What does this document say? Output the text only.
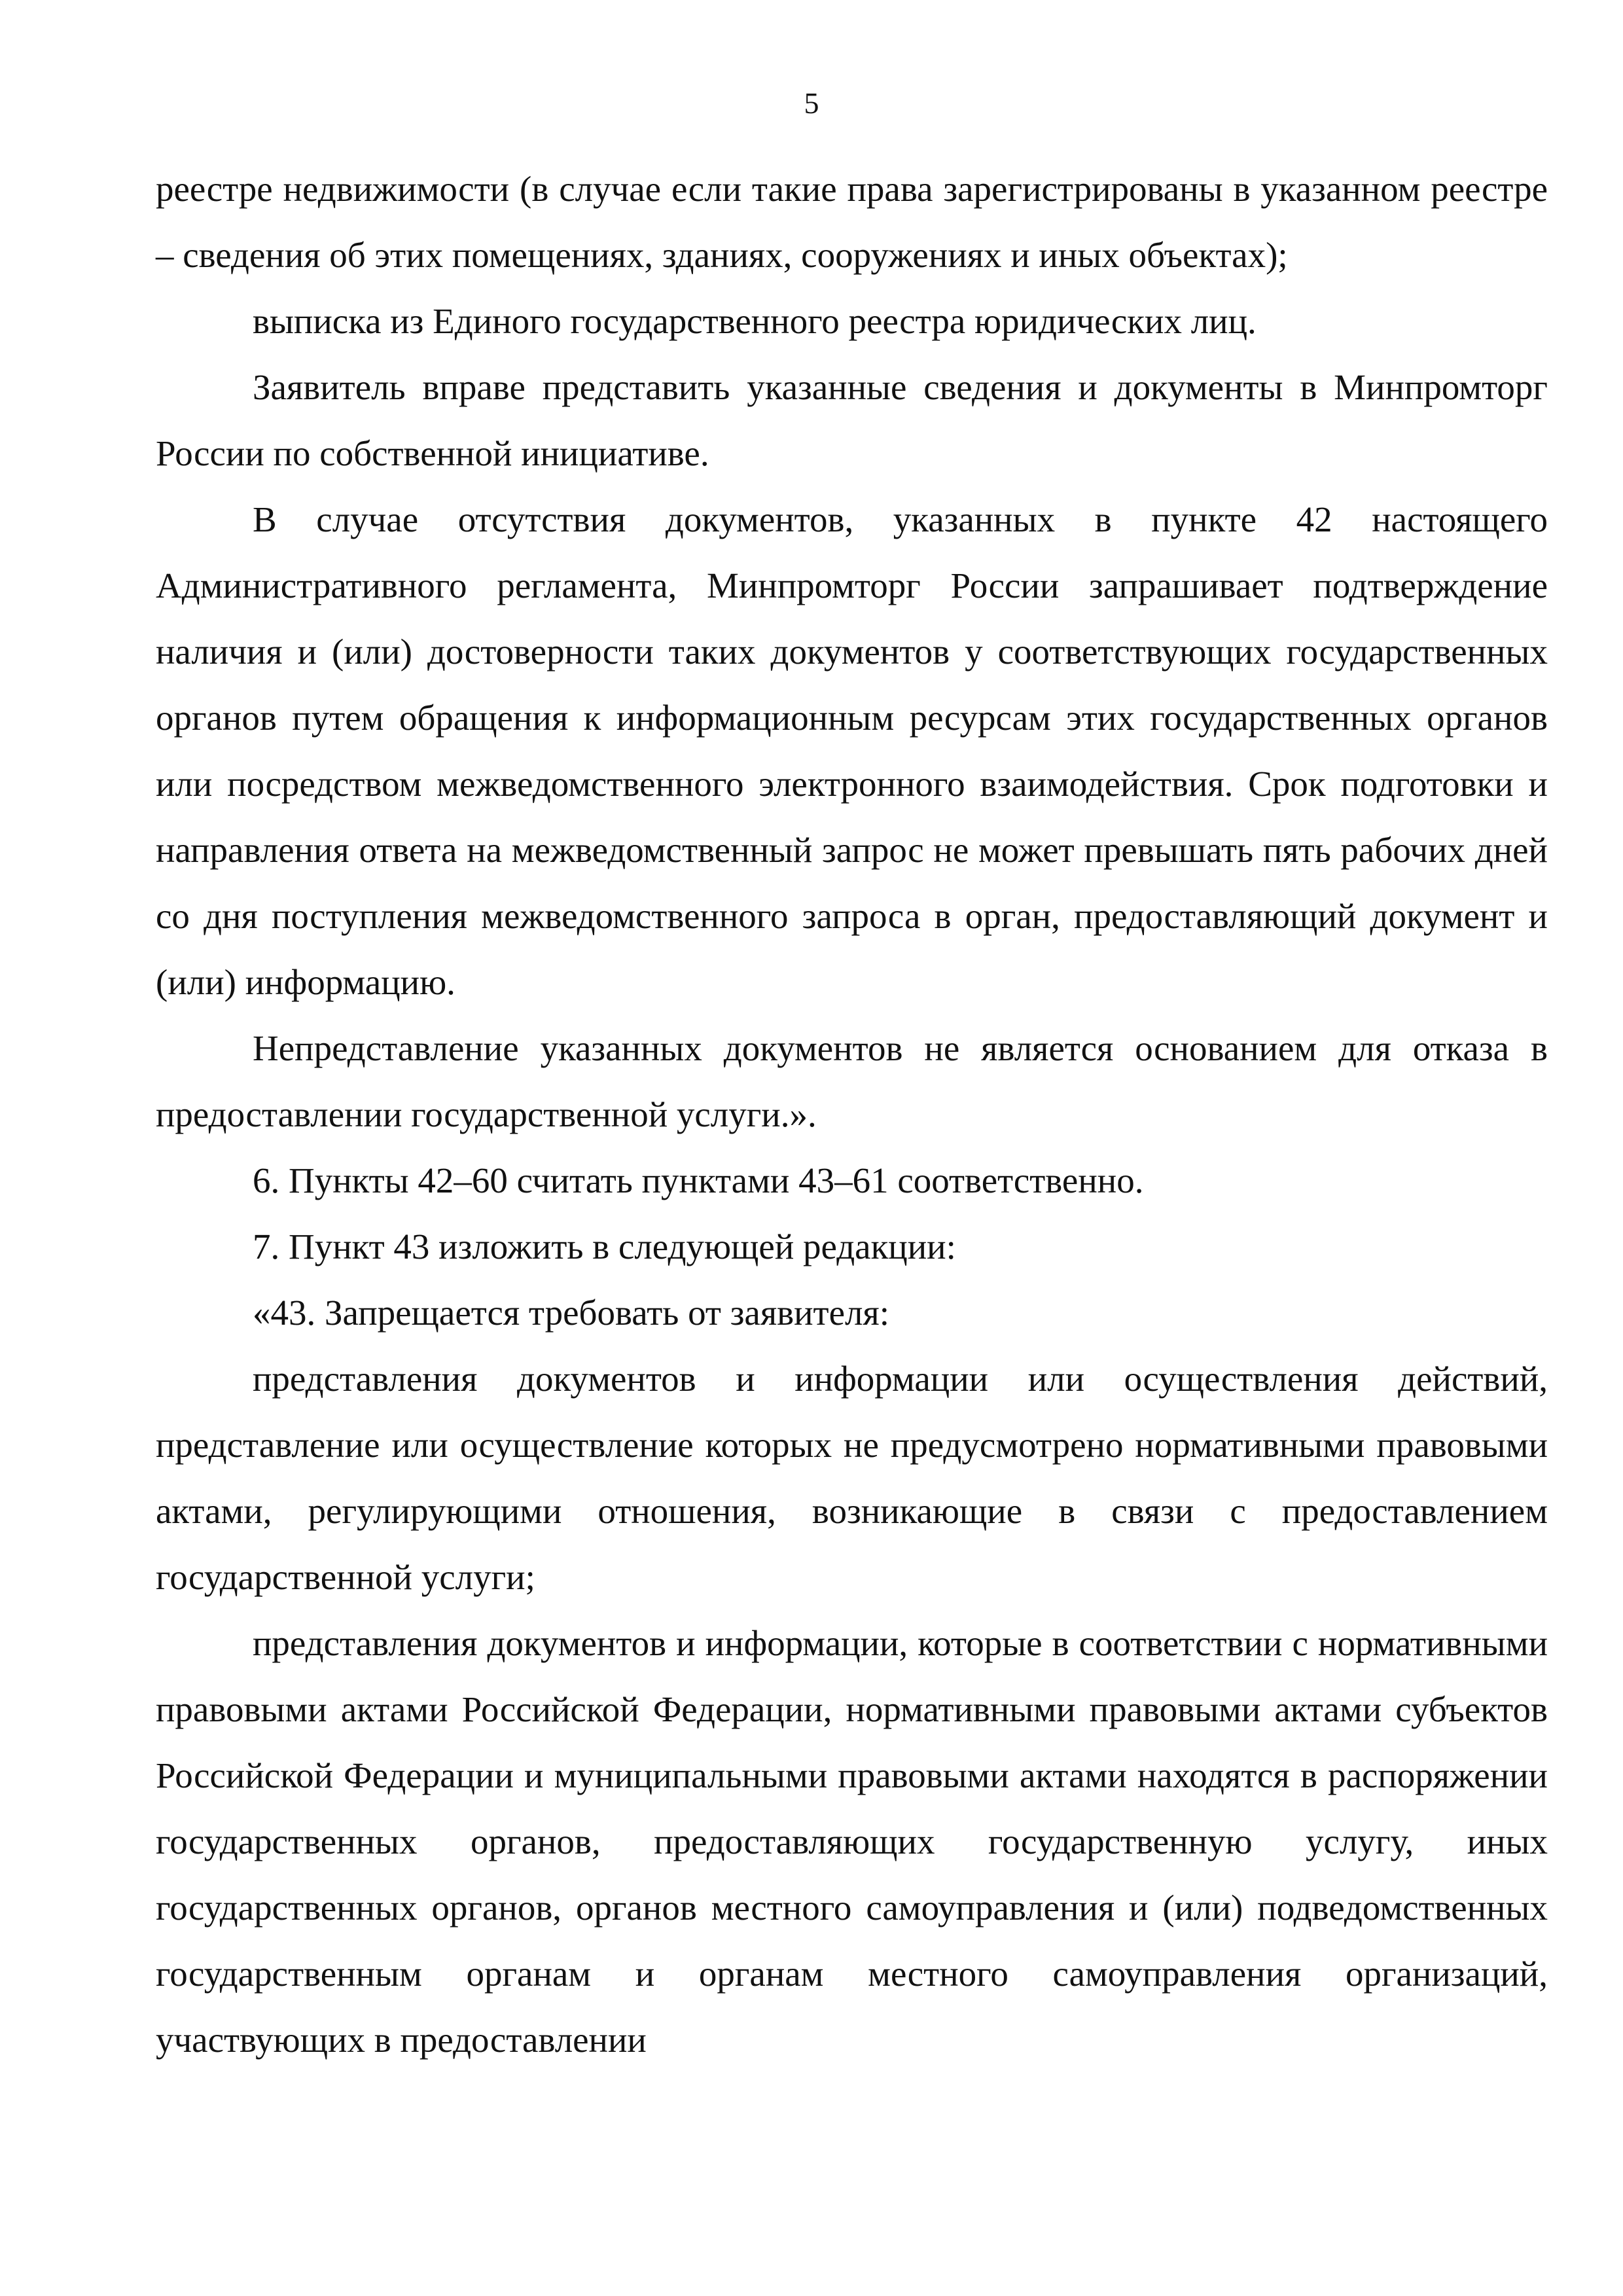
5

реестре недвижимости (в случае если такие права зарегистрированы в указанном реестре – сведения об этих помещениях, зданиях, сооружениях и иных объектах);

выписка из Единого государственного реестра юридических лиц.

Заявитель вправе представить указанные сведения и документы в Минпромторг России по собственной инициативе.

В случае отсутствия документов, указанных в пункте 42 настоящего Административного регламента, Минпромторг России запрашивает подтверждение наличия и (или) достоверности таких документов у соответствующих государственных органов путем обращения к информационным ресурсам этих государственных органов или посредством межведомственного электронного взаимодействия. Срок подготовки и направления ответа на межведомственный запрос не может превышать пять рабочих дней со дня поступления межведомственного запроса в орган, предоставляющий документ и (или) информацию.

Непредставление указанных документов не является основанием для отказа в предоставлении государственной услуги.».

6. Пункты 42–60 считать пунктами 43–61 соответственно.

7. Пункт 43 изложить в следующей редакции:

«43. Запрещается требовать от заявителя:

представления документов и информации или осуществления действий, представление или осуществление которых не предусмотрено нормативными правовыми актами, регулирующими отношения, возникающие в связи с предоставлением государственной услуги;

представления документов и информации, которые в соответствии с нормативными правовыми актами Российской Федерации, нормативными правовыми актами субъектов Российской Федерации и муниципальными правовыми актами находятся в распоряжении государственных органов, предоставляющих государственную услугу, иных государственных органов, органов местного самоуправления и (или) подведомственных государственным органам и органам местного самоуправления организаций, участвующих в предоставлении
